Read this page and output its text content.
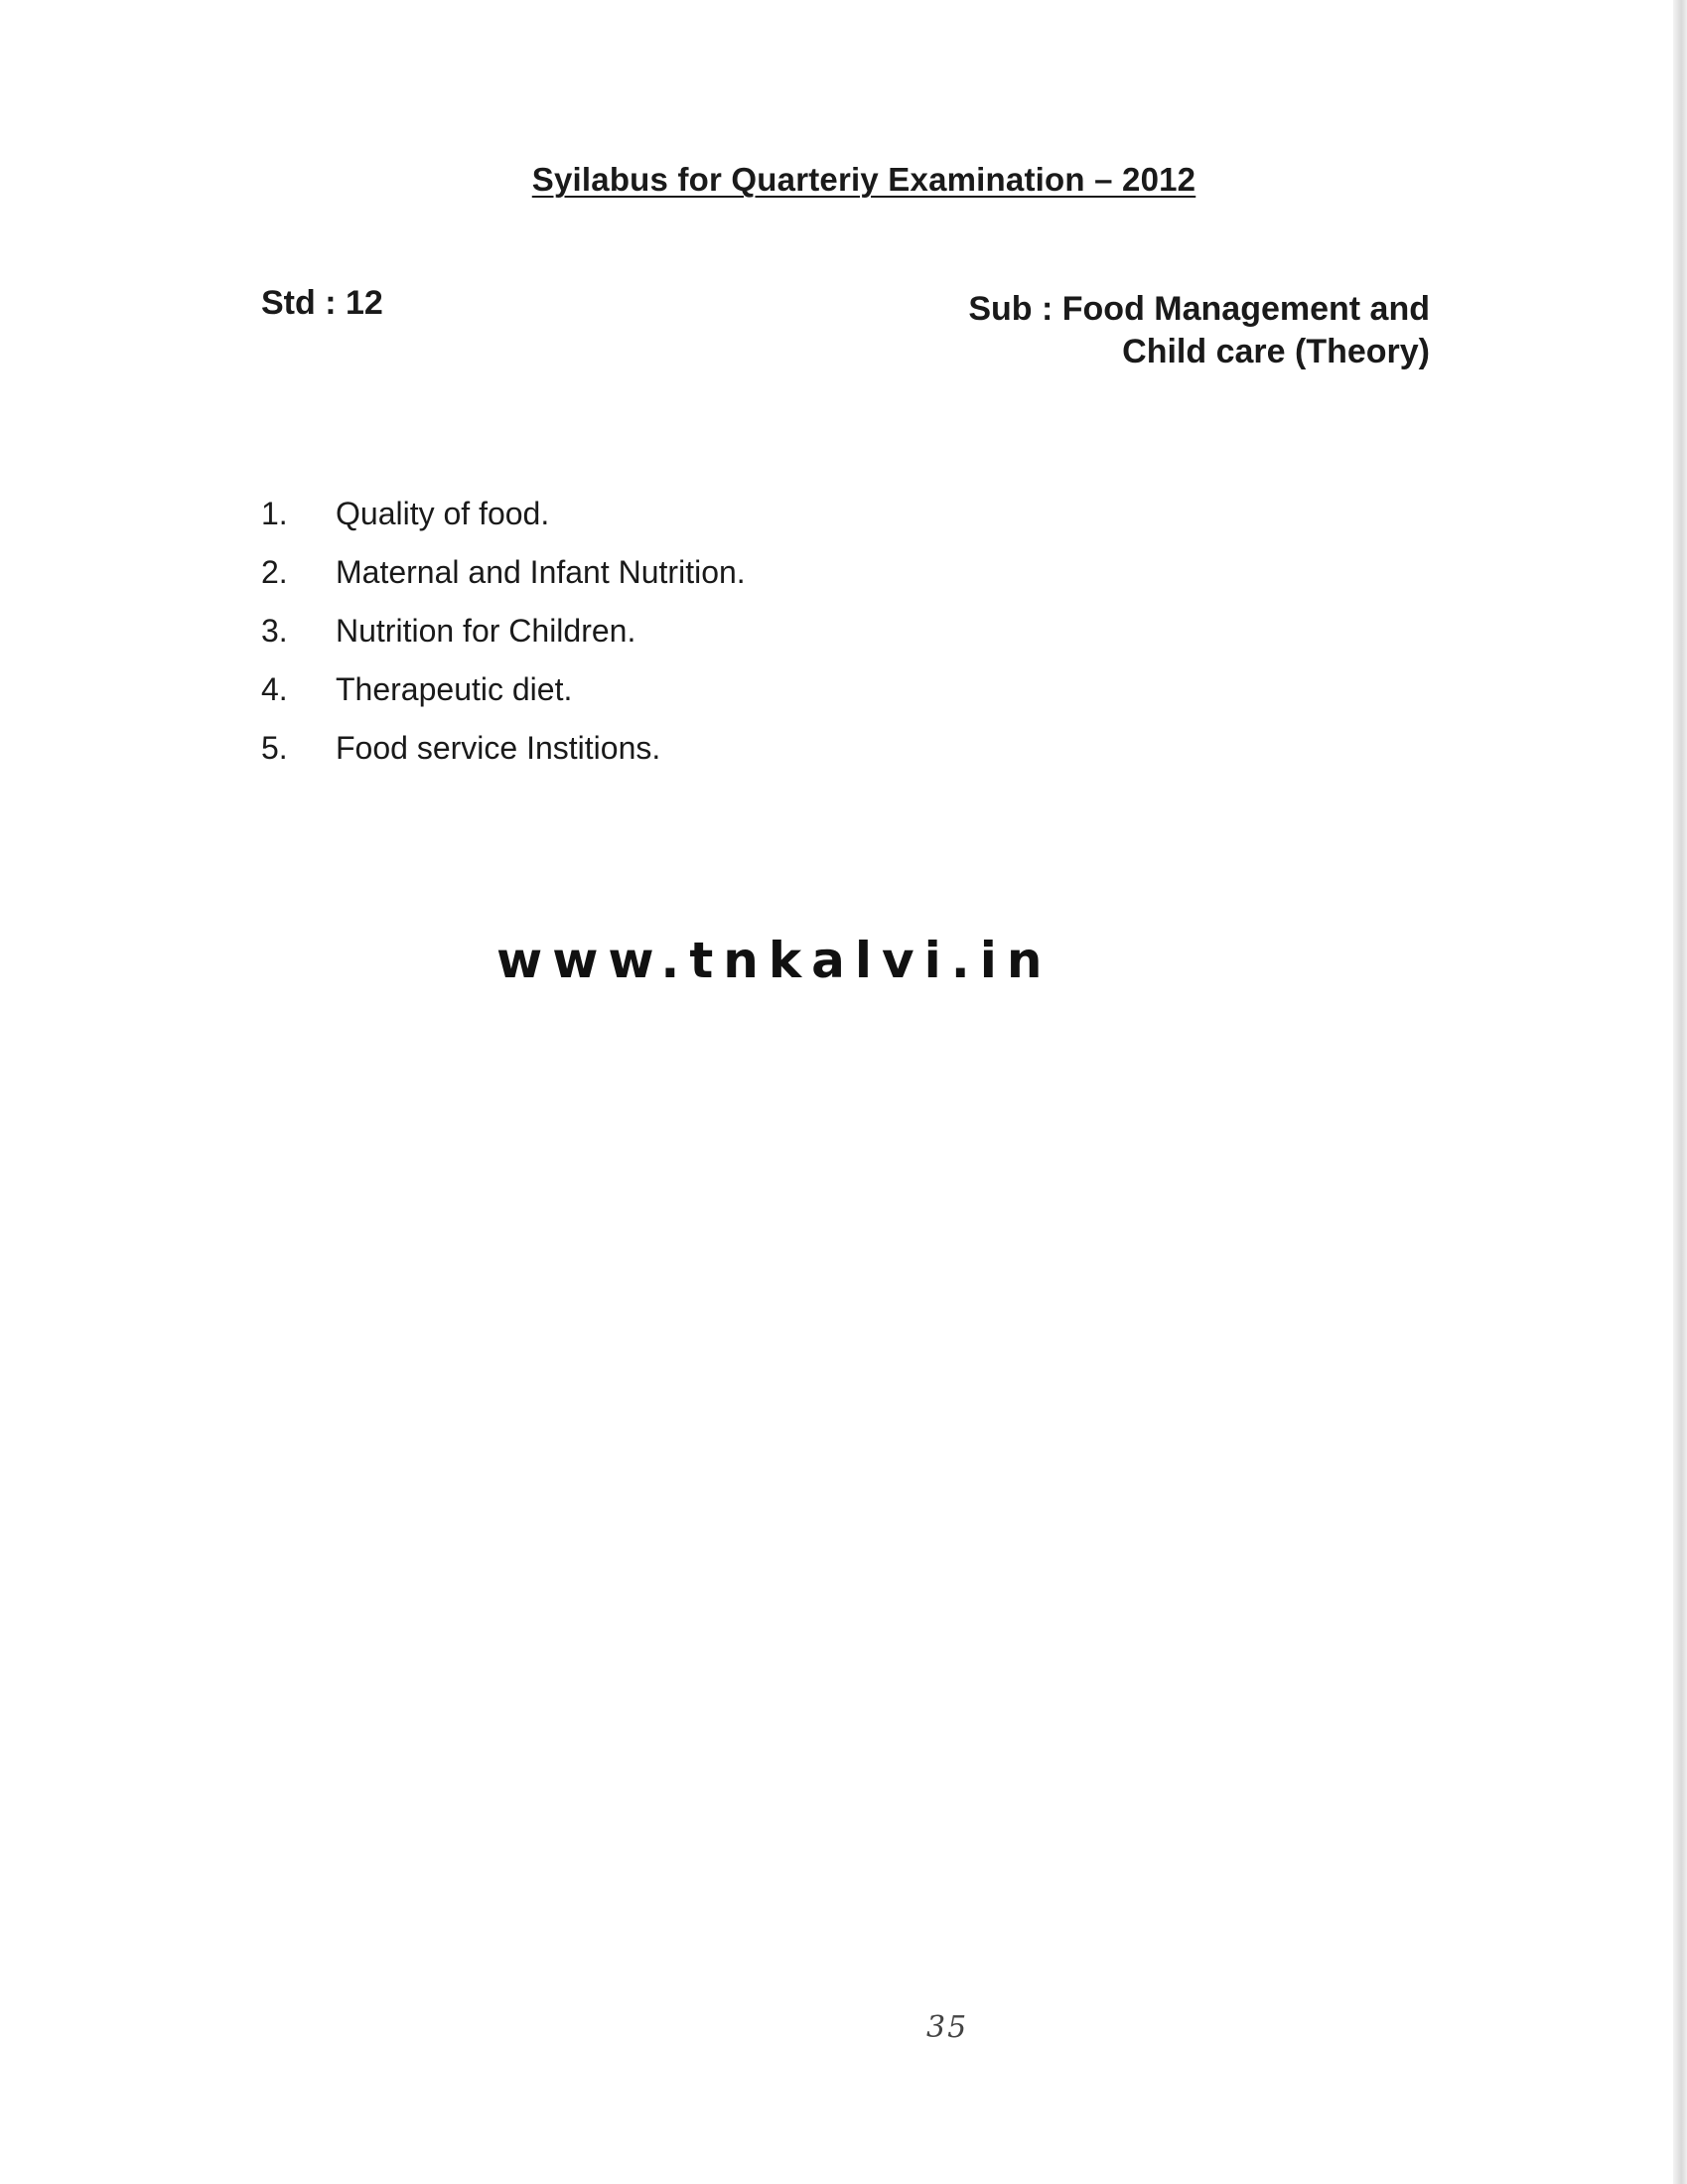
Syilabus for Quarteriy Examination – 2012
Std : 12	Sub : Food Management and
Child care (Theory)
1.	Quality of food.
2.	Maternal and Infant Nutrition.
3.	Nutrition for Children.
4.	Therapeutic diet.
5.	Food service Institions.
www.tnkalvi.in
35
